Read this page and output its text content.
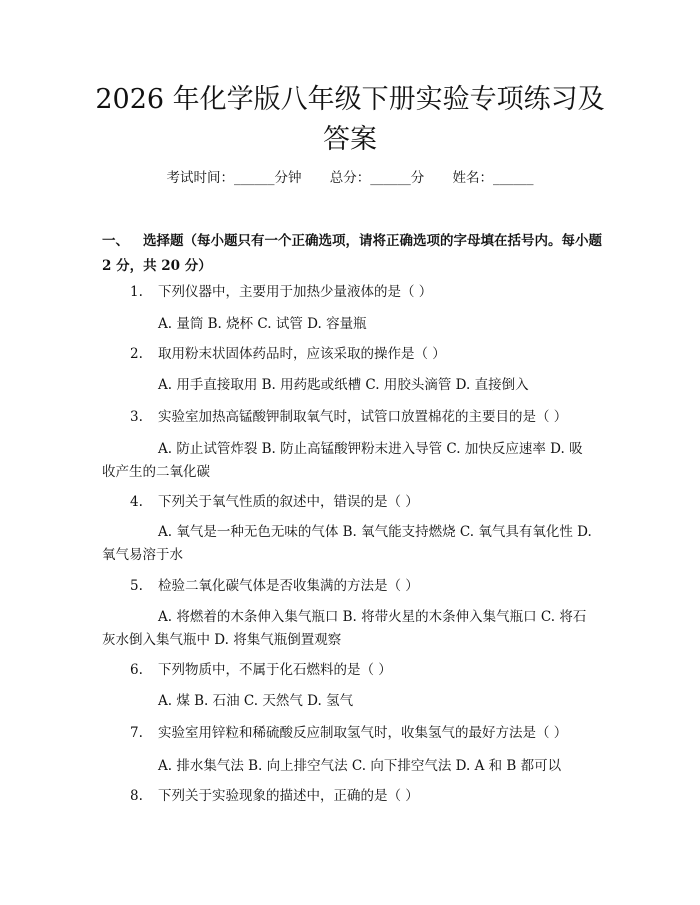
2026 年化学版八年级下册实验专项练习及答案
考试时间：______分钟 总分：______分 姓名：______
一、 选择题（每小题只有一个正确选项，请将正确选项的字母填在括号内。每小题 2 分，共 20 分）
1. 下列仪器中，主要用于加热少量液体的是（ ）
A. 量筒 B. 烧杯 C. 试管 D. 容量瓶
2. 取用粉末状固体药品时，应该采取的操作是（ ）
A. 用手直接取用 B. 用药匙或纸槽 C. 用胶头滴管 D. 直接倒入
3. 实验室加热高锰酸钾制取氧气时，试管口放置棉花的主要目的是（ ）
A. 防止试管炸裂 B. 防止高锰酸钾粉末进入导管 C. 加快反应速率 D. 吸收产生的二氧化碳
4. 下列关于氧气性质的叙述中，错误的是（ ）
A. 氧气是一种无色无味的气体 B. 氧气能支持燃烧 C. 氧气具有氧化性 D. 氧气易溶于水
5. 检验二氧化碳气体是否收集满的方法是（ ）
A. 将燃着的木条伸入集气瓶口 B. 将带火星的木条伸入集气瓶口 C. 将石灰水倒入集气瓶中 D. 将集气瓶倒置观察
6. 下列物质中，不属于化石燃料的是（ ）
A. 煤 B. 石油 C. 天然气 D. 氢气
7. 实验室用锌粒和稀硫酸反应制取氢气时，收集氢气的最好方法是（ ）
A. 排水集气法 B. 向上排空气法 C. 向下排空气法 D. A 和 B 都可以
8. 下列关于实验现象的描述中，正确的是（ ）
